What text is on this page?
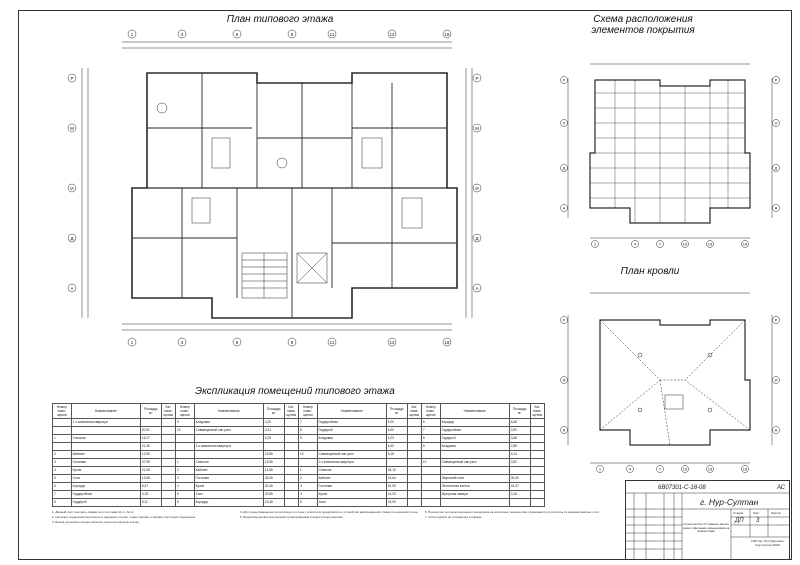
План типового этажа	Схема расположения элементов покрытия
План кровли
Экспликация помещений типового этажа
1	4	6	9	11	14	18
1	4	6	9	11	14	18
Р
М
И
Д
А
Р
М
И
Д
А
1	4	7	10	13	16
Р
Л
Д
А
Р
Л
Д
А
1	4	7	10	13	16
Р
И
А
Р
И
А
Номер поме-щения	Наименование	Площадь м²	Кат. поме-щения	Номер поме-щения	Наименование	Площадь м²	Кат. поме-щения	Номер поме-щения	Наименование	Площадь м²	Кат. поме-щения	Номер поме-щения	Наименование	Площадь м²	Кат. поме-щения
	1-х комнатная квартира			9	Кладовая	4,20		7	Гардеробная	5,00		6	Коридор	6,68	
		20,91		10	Совмещенный сан.узел	4,31		8	Гардероб	4,60		7	Гардеробная	3,90	
1	Спальня	16,27				6,29		9	Кладовая	4,03		8	Гардероб	3,68	
		21,36			3-х комнатная квартира					6,49		9	Кладовая	2,88	
2	Кабинет	12,50				19,86		10	Совмещенный сан.узел	5,18				5,24	
3	Гостиная	47,59		1	Спальня	19,56			2-х комнатная квартира			10	Совмещенный сан.узел	3,50	
4	Кухня	21,08		2	Кабинет	14,56		1	Спальня	18,10					
5	Холл	13,68		3	Гостиная	45,06		2	Кабинет	15,64			Лифтовой холл	30,69	
6	Коридор	6,47		4	Кухня	20,46		3	Гостиная	40,50			Лестничная клетка	18,37	
7	Гардеробная	4,18		5	Холл	29,55		4	Кухня	14,33			Мусорная камера	3,16	
8	Гардероб	5,11		6	Коридор	19,48		5	Холл	22,90					
1. Данный лист смотреть совместно с листами АС-1, АС-2.
2. Несущие сердечники выполнить в наружных стенах, через проёмы и связям утеплителя перемычек.
3. Выход на кровлю осуществляется через лестничную клетку.
4. Для предотвращения теплопотерь по стене утеплителя предусмотреть устройство армированной стяжки по наружной стене.
5. Водоотвод кровли внутренний организованный в водосточные воронки.
6. В качестве теплоизоляционного материала на кирпичных перекрытиях принимается утеплитель из минераловатных плит.
7. Уклон кровли не установлен в нормах.
6В07301-С-18-08	АС
г. Нур-Султан
Строительство 17-этажного жилого дома с офисными помещениями на первом этаже
Стадия	Лист	Листов
ДП 3
СФУ им. Л.Н.Гумилева г. Нур-Султан 2022г.
